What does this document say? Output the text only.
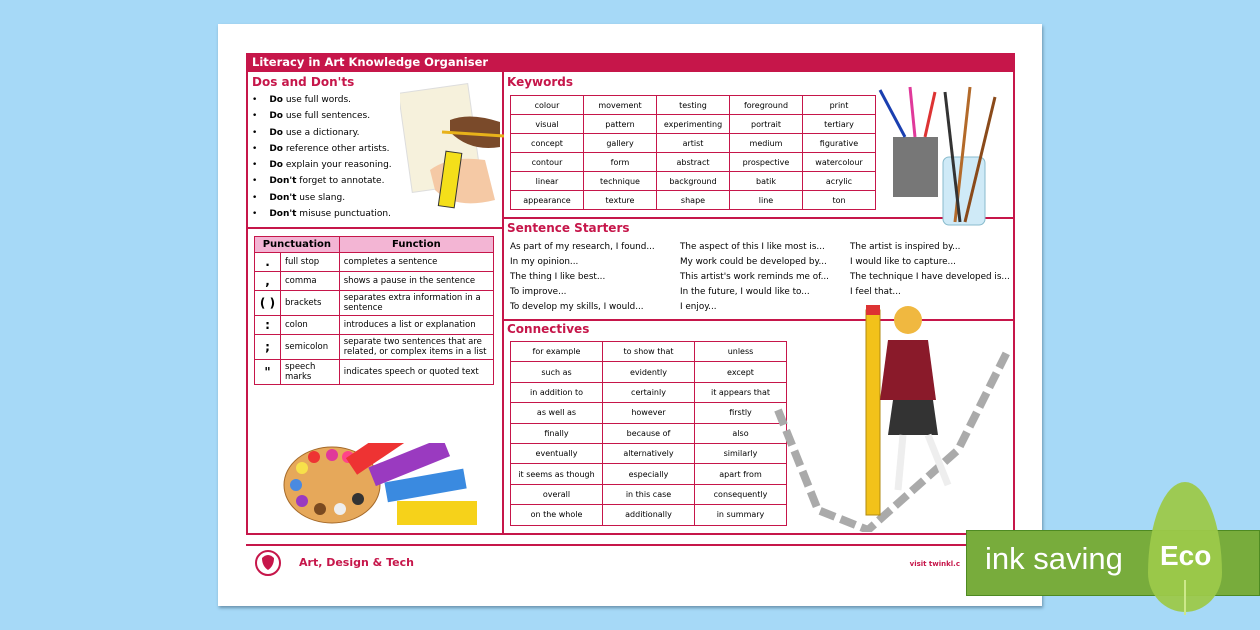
Literacy in Art Knowledge Organiser
Dos and Don'ts
• Do use full words.
• Do use full sentences.
• Do use a dictionary.
• Do reference other artists.
• Do explain your reasoning.
• Don't forget to annotate.
• Don't use slang.
• Don't misuse punctuation.
Punctuation		Function
.	full stop	completes a sentence
,	comma	shows a pause in the sentence
( )	brackets	separates extra information in a sentence
:	colon	introduces a list or explanation
;	semicolon	separate two sentences that are related, or complex items in a list
"	speech marks	indicates speech or quoted text
Keywords
colour	movement	testing	foreground	print
visual	pattern	experimenting	portrait	tertiary
concept	gallery	artist	medium	figurative
contour	form	abstract	prospective	watercolour
linear	technique	background	batik	acrylic
appearance	texture	shape	line	ton
Sentence Starters
As part of my research, I found...
In my opinion...
The thing I like best...
To improve...
To develop my skills, I would...
The aspect of this I like most is...
My work could be developed by...
This artist's work reminds me of...
In the future, I would like to...
I enjoy...
The artist is inspired by...
I would like to capture...
The technique I have developed is...
I feel that...
Connectives
for example	to show that	unless
such as	evidently	except
in addition to	certainly	it appears that
as well as	however	firstly
finally	because of	also
eventually	alternatively	similarly
it seems as though	especially	apart from
overall	in this case	consequently
on the whole	additionally	in summary
Art, Design & Tech	visit twinkl.c ink saving Eco
